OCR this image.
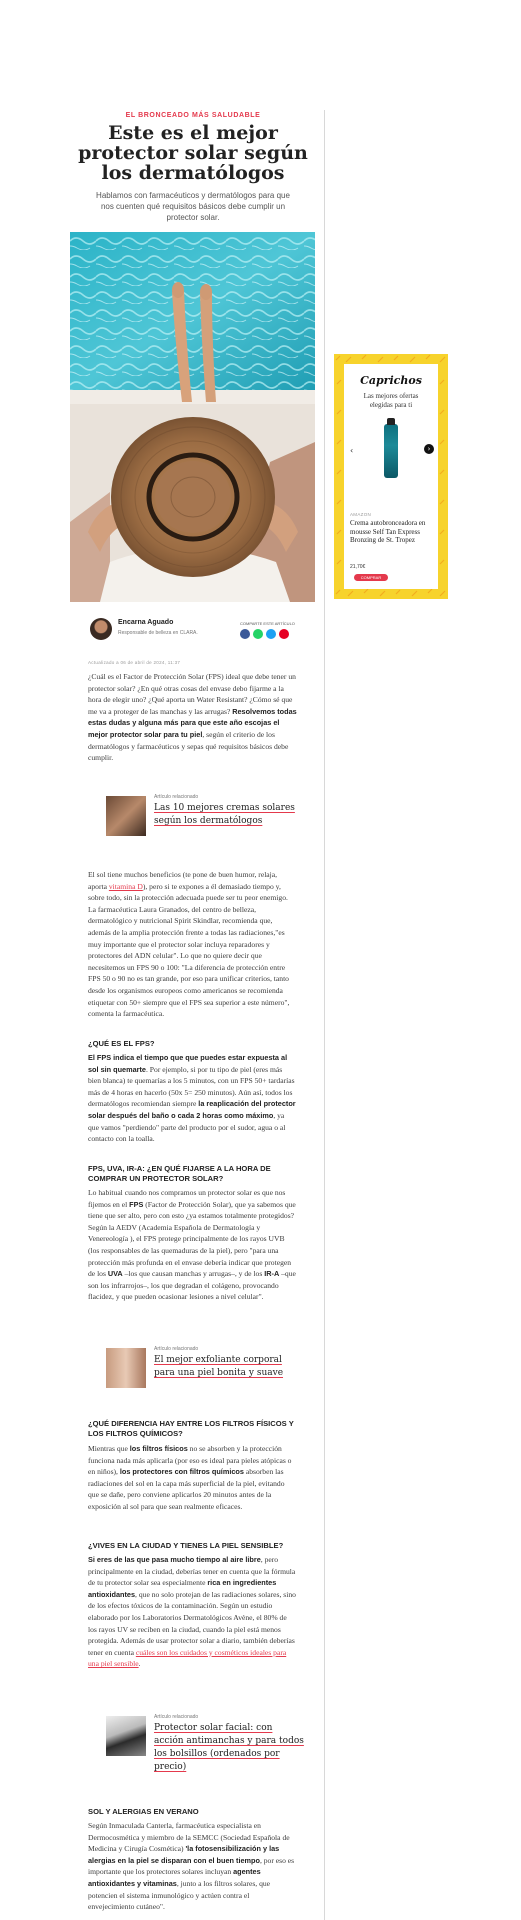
EL BRONCEADO MÁS SALUDABLE
Este es el mejor protector solar según los dermatólogos

Hablamos con farmacéuticos y dermatólogos para que nos cuenten qué requisitos básicos debe cumplir un protector solar.

Encarna Aguado
Responsable de belleza en CLARA.
COMPARTE ESTE ARTÍCULO
Actualizado a 06 de abril de 2024, 11:37

¿Cuál es el Factor de Protección Solar (FPS) ideal que debe tener un protector solar? ¿En qué otras cosas del envase debo fijarme a la hora de elegir uno? ¿Qué aporta un Water Resistant? ¿Cómo sé que me va a proteger de las manchas y las arrugas? Resolvemos todas estas dudas y alguna más para que este año escojas el mejor protector solar para tu piel, según el criterio de los dermatólogos y farmacéuticos y sepas qué requisitos básicos debe cumplir.

Artículo relacionado
Las 10 mejores cremas solares según los dermatólogos

El sol tiene muchos beneficios (te pone de buen humor, relaja, aporta vitamina D), pero si te expones a él demasiado tiempo y, sobre todo, sin la protección adecuada puede ser tu peor enemigo. La farmacéutica Laura Granados, del centro de belleza, dermatológico y nutricional Spirit Skindlar, recomienda que, además de la amplia protección frente a todas las radiaciones,"es muy importante que el protector solar incluya reparadores y protectores del ADN celular". Lo que no quiere decir que necesitemos un FPS 90 o 100: "La diferencia de protección entre FPS 50 o 90 no es tan grande, por eso para unificar criterios, tanto desde los organismos europeos como americanos se recomienda etiquetar con 50+ siempre que el FPS sea superior a este número", comenta la farmacéutica.

¿QUÉ ES EL FPS?

El FPS indica el tiempo que que puedes estar expuesta al sol sin quemarte. Por ejemplo, si por tu tipo de piel (eres más bien blanca) te quemarías a los 5 minutos, con un FPS 50+ tardarías más de 4 horas en hacerlo (50x 5= 250 minutos). Aún así, todos los dermatólogos recomiendan siempre la reaplicación del protector solar después del baño o cada 2 horas como máximo, ya que vamos "perdiendo" parte del producto por el sudor, agua o al contacto con la toalla.

FPS, UVA, IR-A: ¿EN QUÉ FIJARSE A LA HORA DE COMPRAR UN PROTECTOR SOLAR?

Lo habitual cuando nos compramos un protector solar es que nos fijemos en el FPS (Factor de Protección Solar), que ya sabemos que tiene que ser alto, pero con esto ¿ya estamos totalmente protegidos? Según la AEDV (Academia Española de Dermatología y Venereología ), el FPS protege principalmente de los rayos UVB (los responsables de las quemaduras de la piel), pero "para una protección más profunda en el envase debería indicar que protegen de los UVA –los que causan manchas y arrugas–, y de los IR-A –que son los infrarrojos–, los que degradan el colágeno, provocando flacidez, y que pueden ocasionar lesiones a nivel celular".

Artículo relacionado
El mejor exfoliante corporal para una piel bonita y suave
¿QUÉ DIFERENCIA HAY ENTRE LOS FILTROS FÍSICOS Y LOS FILTROS QUÍMICOS?

Mientras que los filtros físicos no se absorben y la protección funciona nada más aplicarla (por eso es ideal para pieles atópicas o en niños), los protectores con filtros químicos absorben las radiaciones del sol en la capa más superficial de la piel, evitando que se dañe, pero conviene aplicarlos 20 minutos antes de la exposición al sol para que sean realmente eficaces.

¿VIVES EN LA CIUDAD Y TIENES LA PIEL SENSIBLE?

Si eres de las que pasa mucho tiempo al aire libre, pero principalmente en la ciudad, deberías tener en cuenta que la fórmula de tu protector solar sea especialmente rica en ingredientes antioxidantes, que no solo protejan de las radiaciones solares, sino de los efectos tóxicos de la contaminación. Según un estudio elaborado por los Laboratorios Dermatológicos Avène, el 80% de los rayos UV se reciben en la ciudad, cuando la piel está menos protegida. Además de usar protector solar a diario, también deberías tener en cuenta cuáles son los cuidados y cosméticos ideales para una piel sensible.

Artículo relacionado
Protector solar facial: con acción antimanchas y para todos los bolsillos (ordenados por precio)
SOL Y ALERGIAS EN VERANO

Según Inmaculada Canterla, farmacéutica especialista en Dermocosmética y miembro de la SEMCC (Sociedad Española de Medicina y Cirugía Cosmética) 'la fotosensibilización y las alergias en la piel se disparan con el buen tiempo, por eso es importante que los protectores solares incluyan agentes antioxidantes y vitaminas, junto a los filtros solares, que potencien el sistema inmunológico y actúen contra el envejecimiento cutáneo".

Caprichos
Las mejores ofertas elegidas para ti
‹	›
AMAZON
Crema autobronceadora en mousse Self Tan Express Bronzing de St. Tropez
21,70€
COMPRAR
